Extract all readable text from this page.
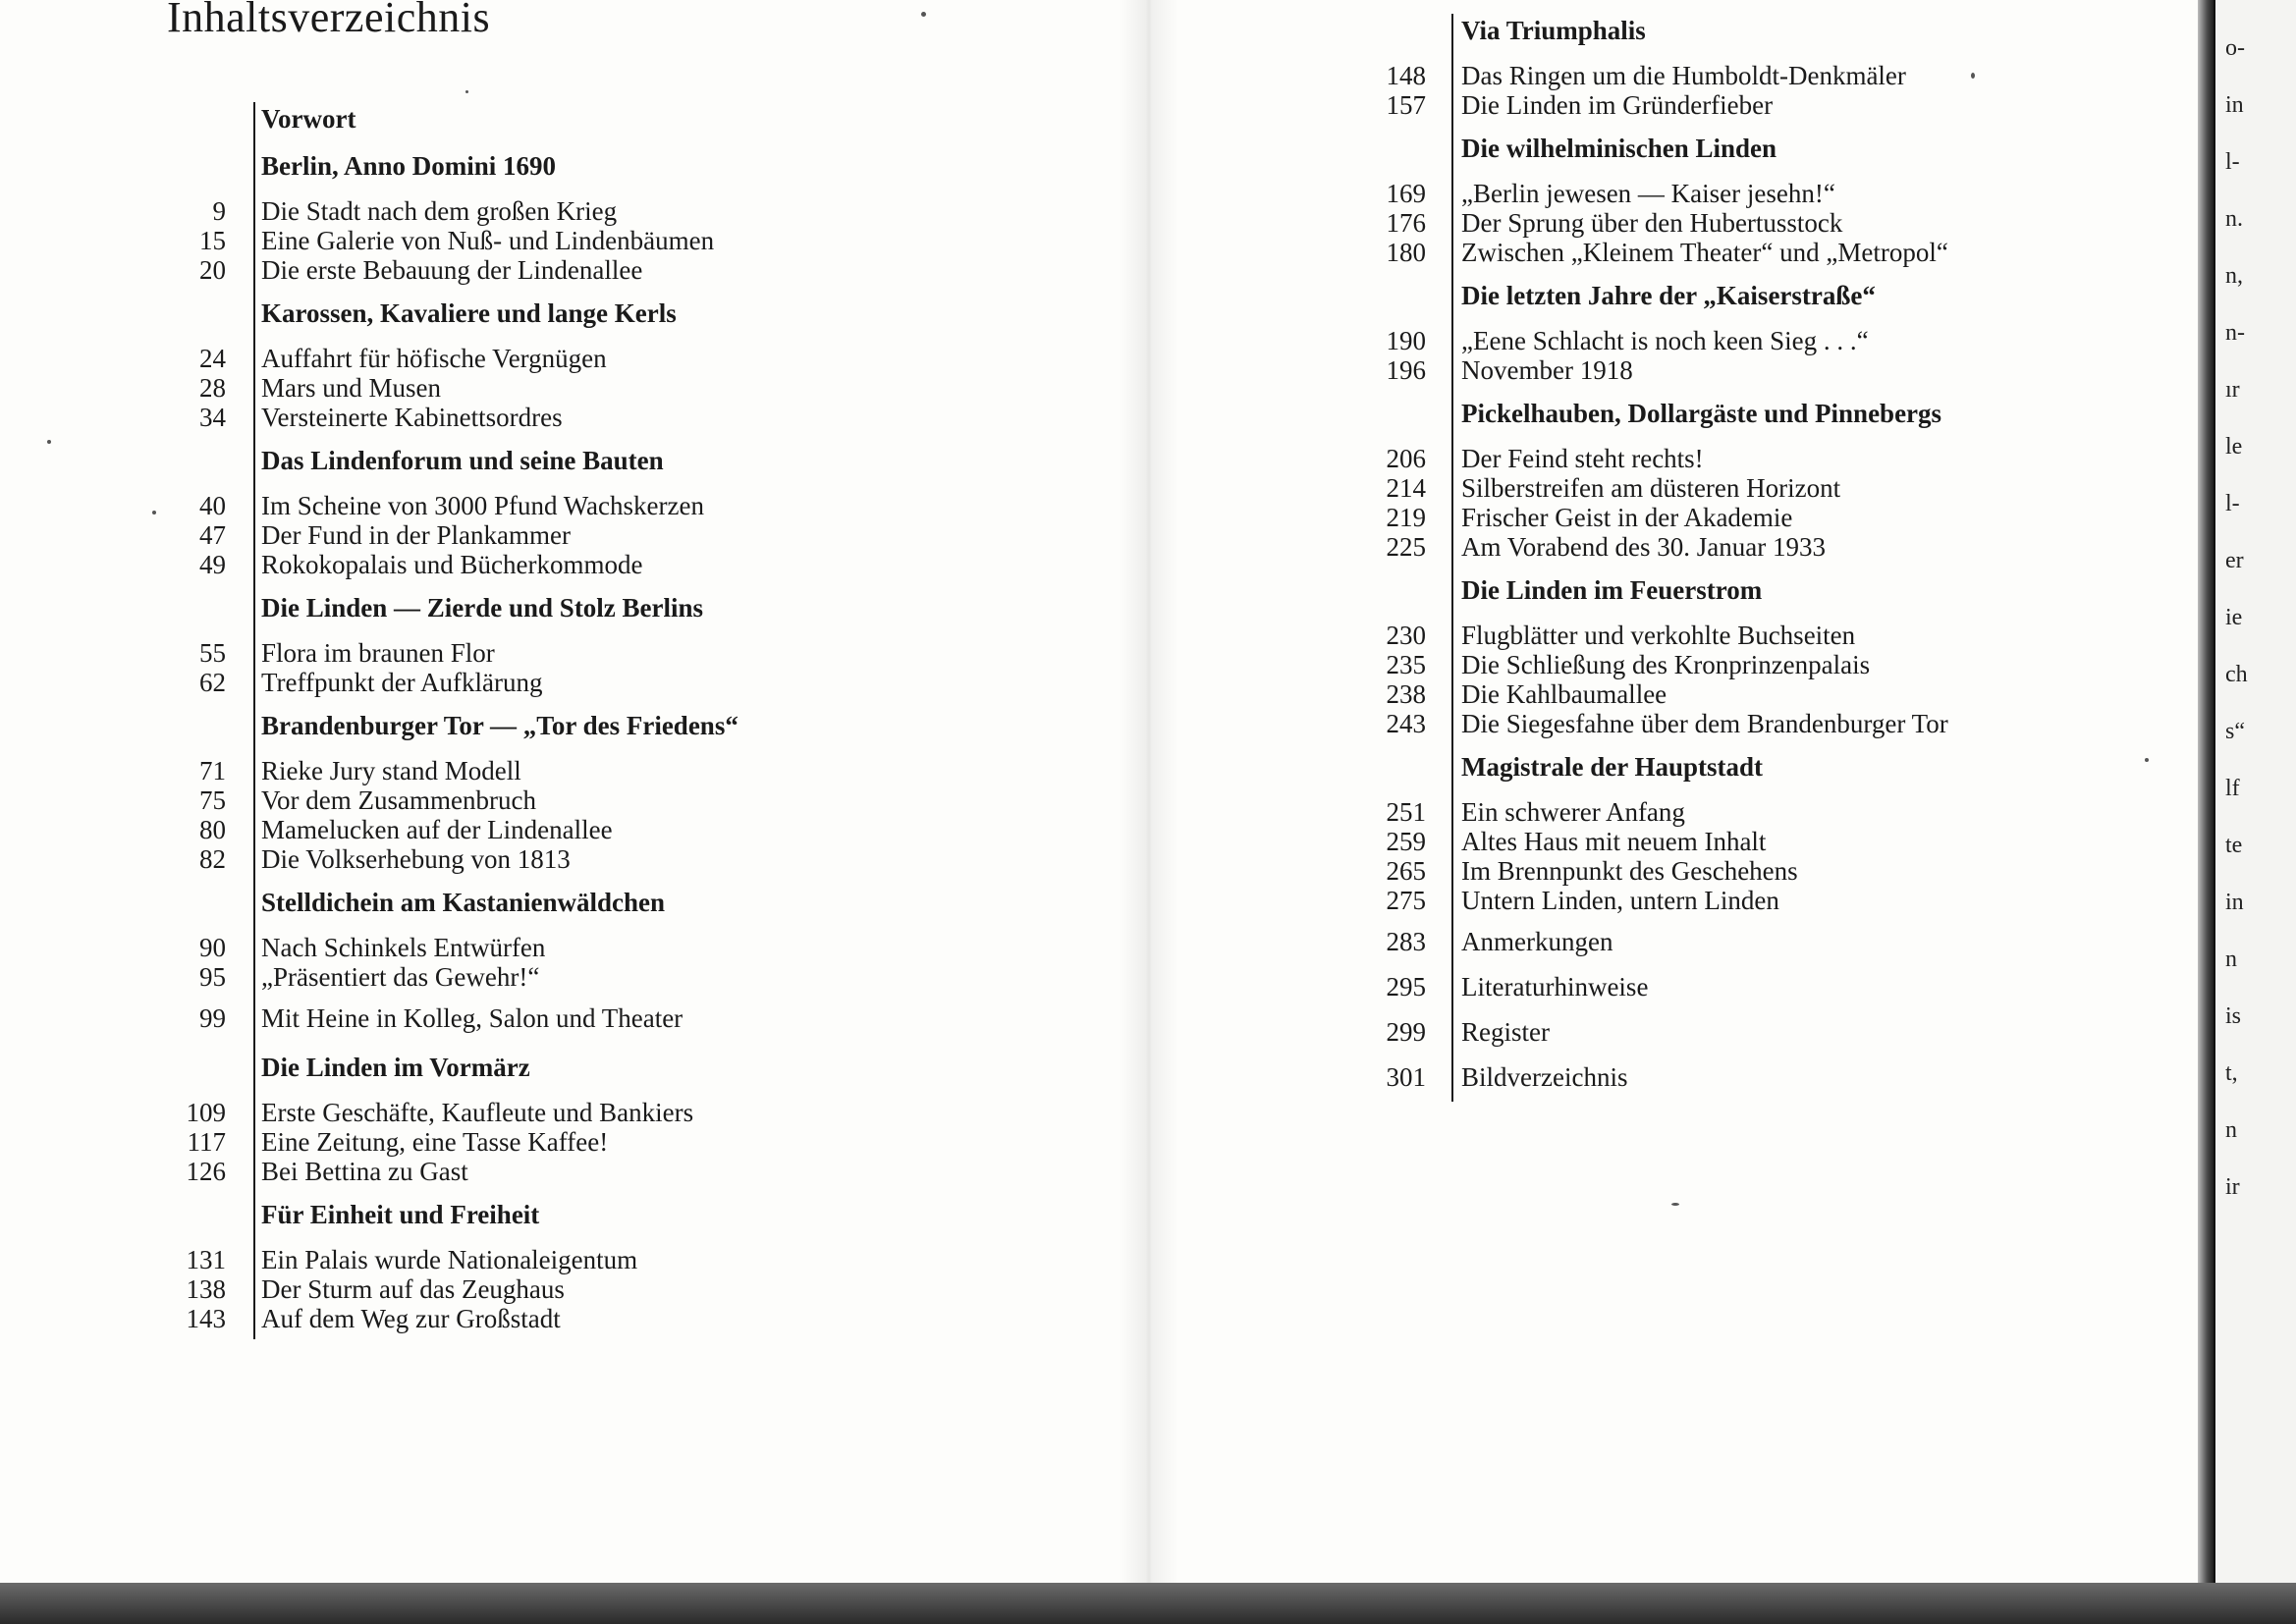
Inhaltsverzeichnis
Vorwort
Berlin, Anno Domini 1690
9 Die Stadt nach dem großen Krieg
15 Eine Galerie von Nuß- und Lindenbäumen
20 Die erste Bebauung der Lindenallee
Karossen, Kavaliere und lange Kerls
24 Auffahrt für höfische Vergnügen
28 Mars und Musen
34 Versteinerte Kabinettsordres
Das Lindenforum und seine Bauten
40 Im Scheine von 3000 Pfund Wachskerzen
47 Der Fund in der Plankammer
49 Rokokopalais und Bücherkommode
Die Linden — Zierde und Stolz Berlins
55 Flora im braunen Flor
62 Treffpunkt der Aufklärung
Brandenburger Tor — „Tor des Friedens“
71 Rieke Jury stand Modell
75 Vor dem Zusammenbruch
80 Mamelucken auf der Lindenallee
82 Die Volkserhebung von 1813
Stelldichein am Kastanienwäldchen
90 Nach Schinkels Entwürfen
95 „Präsentiert das Gewehr!“
99 Mit Heine in Kolleg, Salon und Theater
Die Linden im Vormärz
109 Erste Geschäfte, Kaufleute und Bankiers
117 Eine Zeitung, eine Tasse Kaffee!
126 Bei Bettina zu Gast
Für Einheit und Freiheit
131 Ein Palais wurde Nationaleigentum
138 Der Sturm auf das Zeughaus
143 Auf dem Weg zur Großstadt
Via Triumphalis
148 Das Ringen um die Humboldt-Denkmäler
157 Die Linden im Gründerfieber
Die wilhelminischen Linden
169 „Berlin jewesen — Kaiser jesehn!“
176 Der Sprung über den Hubertusstock
180 Zwischen „Kleinem Theater“ und „Metropol“
Die letzten Jahre der „Kaiserstraße“
190 „Eene Schlacht is noch keen Sieg . . .“
196 November 1918
Pickelhauben, Dollargäste und Pinnebergs
206 Der Feind steht rechts!
214 Silberstreifen am düsteren Horizont
219 Frischer Geist in der Akademie
225 Am Vorabend des 30. Januar 1933
Die Linden im Feuerstrom
230 Flugblätter und verkohlte Buchseiten
235 Die Schließung des Kronprinzenpalais
238 Die Kahlbaumallee
243 Die Siegesfahne über dem Brandenburger Tor
Magistrale der Hauptstadt
251 Ein schwerer Anfang
259 Altes Haus mit neuem Inhalt
265 Im Brennpunkt des Geschehens
275 Untern Linden, untern Linden
283 Anmerkungen
295 Literaturhinweise
299 Register
301 Bildverzeichnis
o-
in
l-
n.
n,
n-
ır
le
l-
er
ie
ch
s“
lf
te
in
n
is
t,
n
ir
